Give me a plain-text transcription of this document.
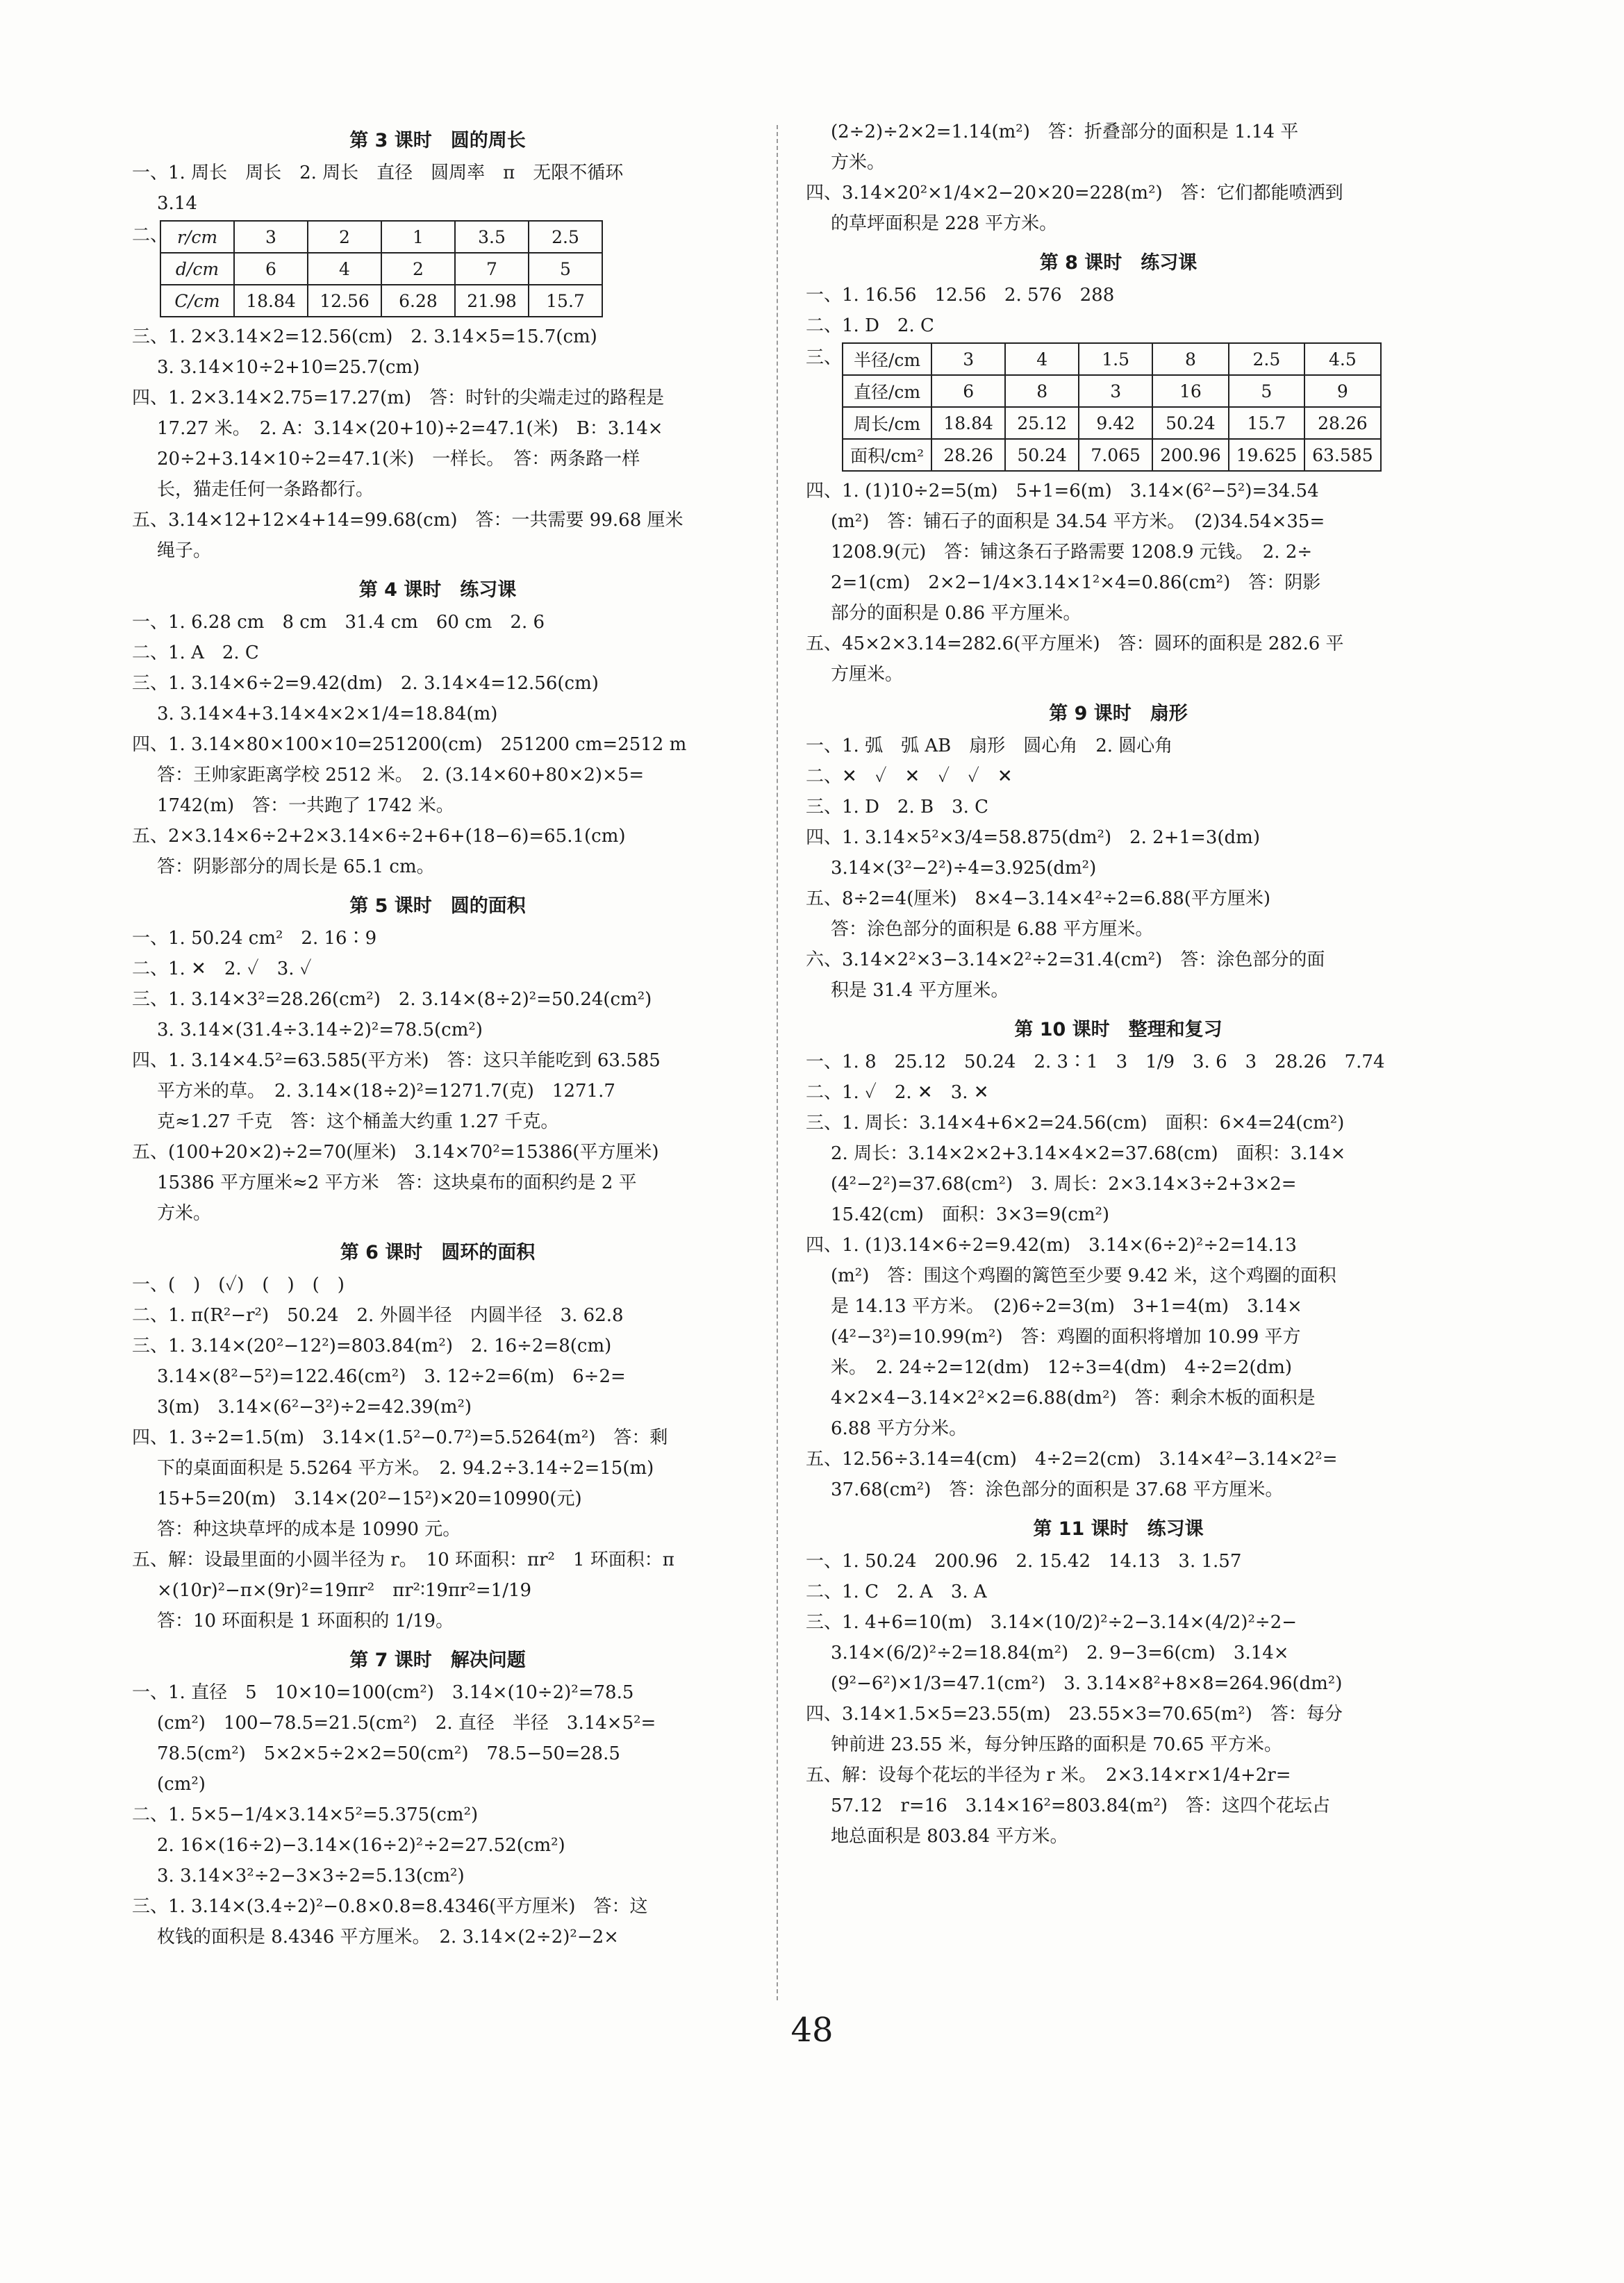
第 3 课时　圆的周长
一、1. 周长　周长　2. 周长　直径　圆周率　π　无限不循环
3.14
二、 r/cm	3	2	1	3.5	2.5
d/cm	6	4	2	7	5
C/cm	18.84	12.56	6.28	21.98	15.7
三、1. 2×3.14×2=12.56(cm)　2. 3.14×5=15.7(cm)
3. 3.14×10÷2+10=25.7(cm)
四、1. 2×3.14×2.75=17.27(m)　答：时针的尖端走过的路程是
17.27 米。　2. A：3.14×(20+10)÷2=47.1(米)　B：3.14×
20÷2+3.14×10÷2=47.1(米)　一样长。　答：两条路一样
长，猫走任何一条路都行。
五、3.14×12+12×4+14=99.68(cm)　答：一共需要 99.68 厘米
绳子。
第 4 课时　练习课
一、1. 6.28 cm　8 cm　31.4 cm　60 cm　2. 6
二、1. A　2. C
三、1. 3.14×6÷2=9.42(dm)　2. 3.14×4=12.56(cm)
3. 3.14×4+3.14×4×2×1/4=18.84(m)
四、1. 3.14×80×100×10=251200(cm)　251200 cm=2512 m
答：王帅家距离学校 2512 米。　2. (3.14×60+80×2)×5=
1742(m)　答：一共跑了 1742 米。
五、2×3.14×6÷2+2×3.14×6÷2+6+(18−6)=65.1(cm)
答：阴影部分的周长是 65.1 cm。
第 5 课时　圆的面积
一、1. 50.24 cm²　2. 16∶9
二、1. ✕　2. ✓　3. ✓
三、1. 3.14×3²=28.26(cm²)　2. 3.14×(8÷2)²=50.24(cm²)
3. 3.14×(31.4÷3.14÷2)²=78.5(cm²)
四、1. 3.14×4.5²=63.585(平方米)　答：这只羊能吃到 63.585
平方米的草。　2. 3.14×(18÷2)²=1271.7(克)　1271.7
克≈1.27 千克　答：这个桶盖大约重 1.27 千克。
五、(100+20×2)÷2=70(厘米)　3.14×70²=15386(平方厘米)
15386 平方厘米≈2 平方米　答：这块桌布的面积约是 2 平
方米。
第 6 课时　圆环的面积
一、(　)　(✓)　(　)　(　)
二、1. π(R²−r²)　50.24　2. 外圆半径　内圆半径　3. 62.8
三、1. 3.14×(20²−12²)=803.84(m²)　2. 16÷2=8(cm)
3.14×(8²−5²)=122.46(cm²)　3. 12÷2=6(m)　6÷2=
3(m)　3.14×(6²−3²)÷2=42.39(m²)
四、1. 3÷2=1.5(m)　3.14×(1.5²−0.7²)=5.5264(m²)　答：剩
下的桌面面积是 5.5264 平方米。　2. 94.2÷3.14÷2=15(m)
15+5=20(m)　3.14×(20²−15²)×20=10990(元)
答：种这块草坪的成本是 10990 元。
五、解：设最里面的小圆半径为 r。　10 环面积：πr²　1 环面积：π
×(10r)²−π×(9r)²=19πr²　πr²∶19πr²=1/19
答：10 环面积是 1 环面积的 1/19。
第 7 课时　解决问题
一、1. 直径　5　10×10=100(cm²)　3.14×(10÷2)²=78.5
(cm²)　100−78.5=21.5(cm²)　2. 直径　半径　3.14×5²=
78.5(cm²)　5×2×5÷2×2=50(cm²)　78.5−50=28.5
(cm²)
二、1. 5×5−1/4×3.14×5²=5.375(cm²)
2. 16×(16÷2)−3.14×(16÷2)²÷2=27.52(cm²)
3. 3.14×3²÷2−3×3÷2=5.13(cm²)
三、1. 3.14×(3.4÷2)²−0.8×0.8=8.4346(平方厘米)　答：这
枚钱的面积是 8.4346 平方厘米。　2. 3.14×(2÷2)²−2×
(2÷2)÷2×2=1.14(m²)　答：折叠部分的面积是 1.14 平
方米。
四、3.14×20²×1/4×2−20×20=228(m²)　答：它们都能喷洒到
的草坪面积是 228 平方米。
第 8 课时　练习课
一、1. 16.56　12.56　2. 576　288
二、1. D　2. C
三、 半径/cm	3	4	1.5	8	2.5	4.5
直径/cm	6	8	3	16	5	9
周长/cm	18.84	25.12	9.42	50.24	15.7	28.26
面积/cm²	28.26	50.24	7.065	200.96	19.625	63.585
四、1. (1)10÷2=5(m)　5+1=6(m)　3.14×(6²−5²)=34.54
(m²)　答：铺石子的面积是 34.54 平方米。　(2)34.54×35=
1208.9(元)　答：铺这条石子路需要 1208.9 元钱。　2. 2÷
2=1(cm)　2×2−1/4×3.14×1²×4=0.86(cm²)　答：阴影
部分的面积是 0.86 平方厘米。
五、45×2×3.14=282.6(平方厘米)　答：圆环的面积是 282.6 平
方厘米。
第 9 课时　扇形
一、1. 弧　弧 AB　扇形　圆心角　2. 圆心角
二、✕　✓　✕　✓　✓　✕
三、1. D　2. B　3. C
四、1. 3.14×5²×3/4=58.875(dm²)　2. 2+1=3(dm)
3.14×(3²−2²)÷4=3.925(dm²)
五、8÷2=4(厘米)　8×4−3.14×4²÷2=6.88(平方厘米)
答：涂色部分的面积是 6.88 平方厘米。
六、3.14×2²×3−3.14×2²÷2=31.4(cm²)　答：涂色部分的面
积是 31.4 平方厘米。
第 10 课时　整理和复习
一、1. 8　25.12　50.24　2. 3∶1　3　1/9　3. 6　3　28.26　7.74
二、1. ✓　2. ✕　3. ✕
三、1. 周长：3.14×4+6×2=24.56(cm)　面积：6×4=24(cm²)
2. 周长：3.14×2×2+3.14×4×2=37.68(cm)　面积：3.14×
(4²−2²)=37.68(cm²)　3. 周长：2×3.14×3÷2+3×2=
15.42(cm)　面积：3×3=9(cm²)
四、1. (1)3.14×6÷2=9.42(m)　3.14×(6÷2)²÷2=14.13
(m²)　答：围这个鸡圈的篱笆至少要 9.42 米，这个鸡圈的面积
是 14.13 平方米。　(2)6÷2=3(m)　3+1=4(m)　3.14×
(4²−3²)=10.99(m²)　答：鸡圈的面积将增加 10.99 平方
米。　2. 24÷2=12(dm)　12÷3=4(dm)　4÷2=2(dm)
4×2×4−3.14×2²×2=6.88(dm²)　答：剩余木板的面积是
6.88 平方分米。
五、12.56÷3.14=4(cm)　4÷2=2(cm)　3.14×4²−3.14×2²=
37.68(cm²)　答：涂色部分的面积是 37.68 平方厘米。
第 11 课时　练习课
一、1. 50.24　200.96　2. 15.42　14.13　3. 1.57
二、1. C　2. A　3. A
三、1. 4+6=10(m)　3.14×(10/2)²÷2−3.14×(4/2)²÷2−
3.14×(6/2)²÷2=18.84(m²)　2. 9−3=6(cm)　3.14×
(9²−6²)×1/3=47.1(cm²)　3. 3.14×8²+8×8=264.96(dm²)
四、3.14×1.5×5=23.55(m)　23.55×3=70.65(m²)　答：每分
钟前进 23.55 米，每分钟压路的面积是 70.65 平方米。
五、解：设每个花坛的半径为 r 米。　2×3.14×r×1/4+2r=
57.12　r=16　3.14×16²=803.84(m²)　答：这四个花坛占
地总面积是 803.84 平方米。
48
